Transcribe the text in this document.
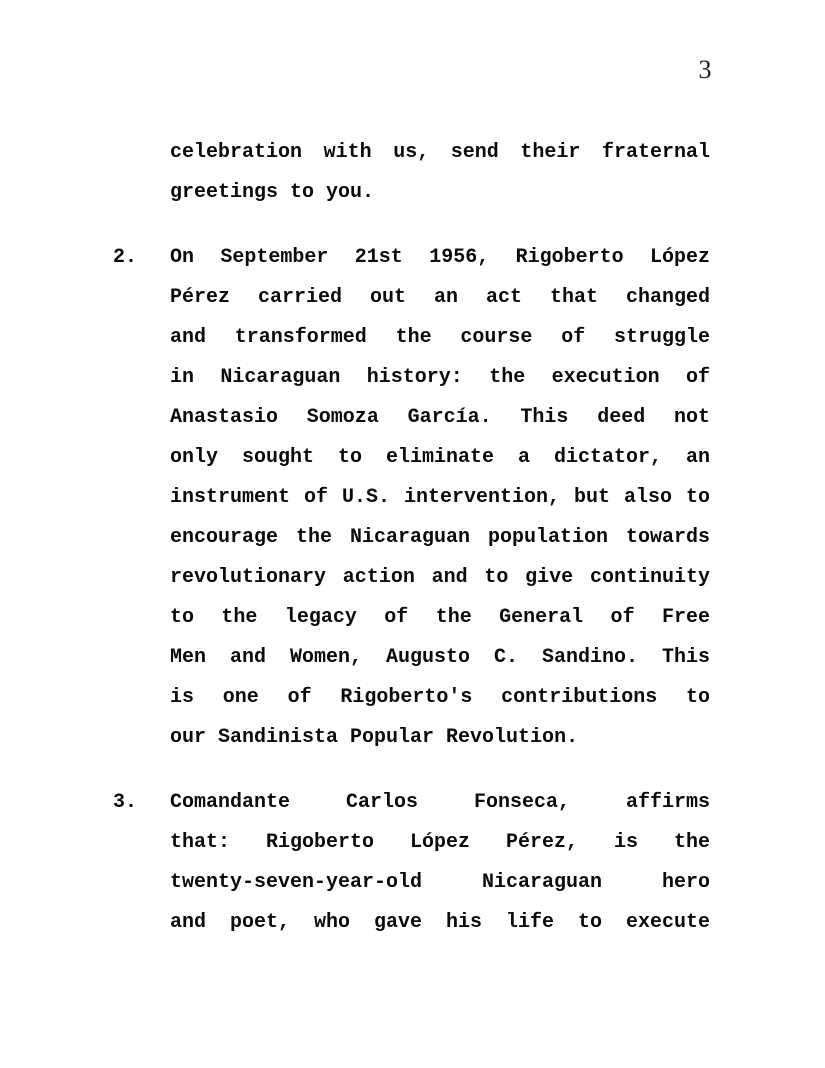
3
celebration with us, send their fraternal
greetings to you.
2.	On September 21st 1956, Rigoberto López
Pérez carried out an act that changed
and transformed the course of struggle
in Nicaraguan history: the execution of
Anastasio Somoza García. This deed not
only sought to eliminate a dictator, an
instrument of U.S. intervention, but also to
encourage the Nicaraguan population towards
revolutionary action and to give continuity
to the legacy of the General of Free
Men and Women, Augusto C. Sandino. This
is one of Rigoberto's contributions to
our Sandinista Popular Revolution.
3.	Comandante Carlos Fonseca, affirms
that: Rigoberto López Pérez, is the
twenty-seven-year-old Nicaraguan hero
and poet, who gave his life to execute
